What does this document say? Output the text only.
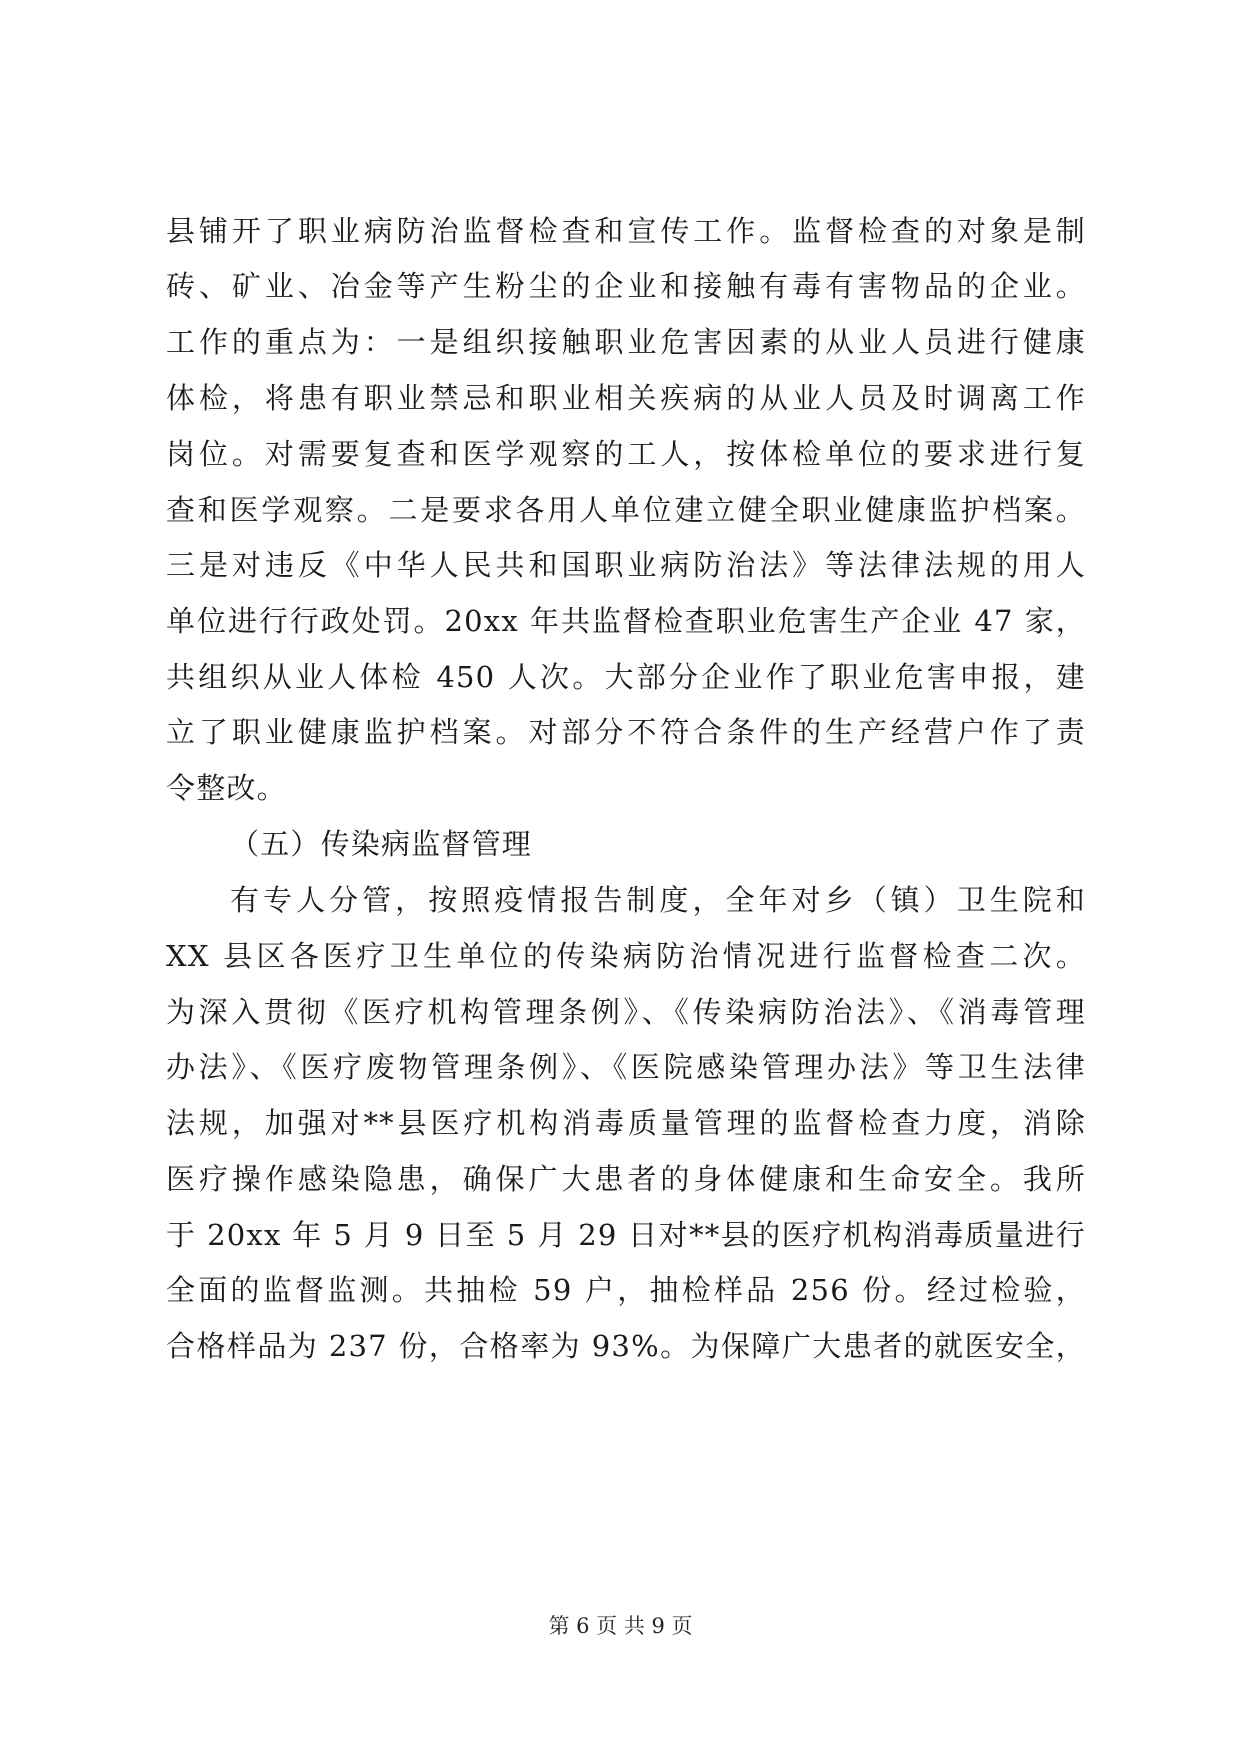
县铺开了职业病防治监督检查和宣传工作。监督检查的对象是制
砖、矿业、冶金等产生粉尘的企业和接触有毒有害物品的企业。
工作的重点为：一是组织接触职业危害因素的从业人员进行健康
体检，将患有职业禁忌和职业相关疾病的从业人员及时调离工作
岗位。对需要复查和医学观察的工人，按体检单位的要求进行复
查和医学观察。二是要求各用人单位建立健全职业健康监护档案。
三是对违反《中华人民共和国职业病防治法》等法律法规的用人
单位进行行政处罚。20xx 年共监督检查职业危害生产企业 47 家，
共组织从业人体检 450 人次。大部分企业作了职业危害申报，建
立了职业健康监护档案。对部分不符合条件的生产经营户作了责
令整改。
（五）传染病监督管理
有专人分管，按照疫情报告制度，全年对乡（镇）卫生院和
XX 县区各医疗卫生单位的传染病防治情况进行监督检查二次。
为深入贯彻《医疗机构管理条例》、《传染病防治法》、《消毒管理
办法》、《医疗废物管理条例》、《医院感染管理办法》等卫生法律
法规，加强对**县医疗机构消毒质量管理的监督检查力度，消除
医疗操作感染隐患，确保广大患者的身体健康和生命安全。我所
于 20xx 年 5 月 9 日至 5 月 29 日对**县的医疗机构消毒质量进行
全面的监督监测。共抽检 59 户，抽检样品 256 份。经过检验，
合格样品为 237 份，合格率为 93%。为保障广大患者的就医安全，
第 6 页 共 9 页
